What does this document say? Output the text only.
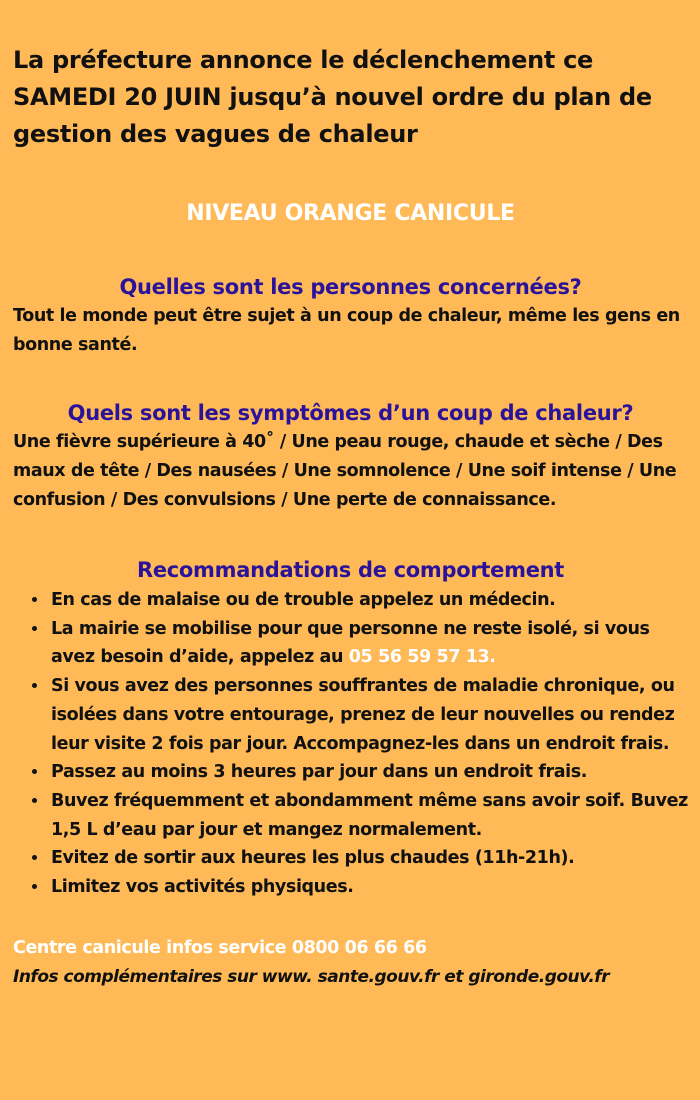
La préfecture annonce le déclenchement ce SAMEDI 20 JUIN jusqu’à nouvel ordre du plan de gestion des vagues de chaleur

NIVEAU ORANGE CANICULE

Quelles sont les personnes concernées?

Tout le monde peut être sujet à un coup de chaleur, même les gens en bonne santé.

Quels sont les symptômes d’un coup de chaleur?

Une fièvre supérieure à 40˚ / Une peau rouge, chaude et sèche / Des maux de tête / Des nausées / Une somnolence / Une soif intense / Une confusion / Des convulsions / Une perte de connaissance.

Recommandations de comportement

• En cas de malaise ou de trouble appelez un médecin.
• La mairie se mobilise pour que personne ne reste isolé, si vous avez besoin d’aide, appelez au 05 56 59 57 13.
• Si vous avez des personnes souffrantes de maladie chronique, ou isolées dans votre entourage, prenez de leur nouvelles ou rendez leur visite 2 fois par jour. Accompagnez-les dans un endroit frais.
• Passez au moins 3 heures par jour dans un endroit frais.
• Buvez fréquemment et abondamment même sans avoir soif. Buvez 1,5 L d’eau par jour et mangez normalement.
• Evitez de sortir aux heures les plus chaudes (11h-21h).
• Limitez vos activités physiques.

Centre canicule infos service 0800 06 66 66

Infos complémentaires sur www. sante.gouv.fr et gironde.gouv.fr
